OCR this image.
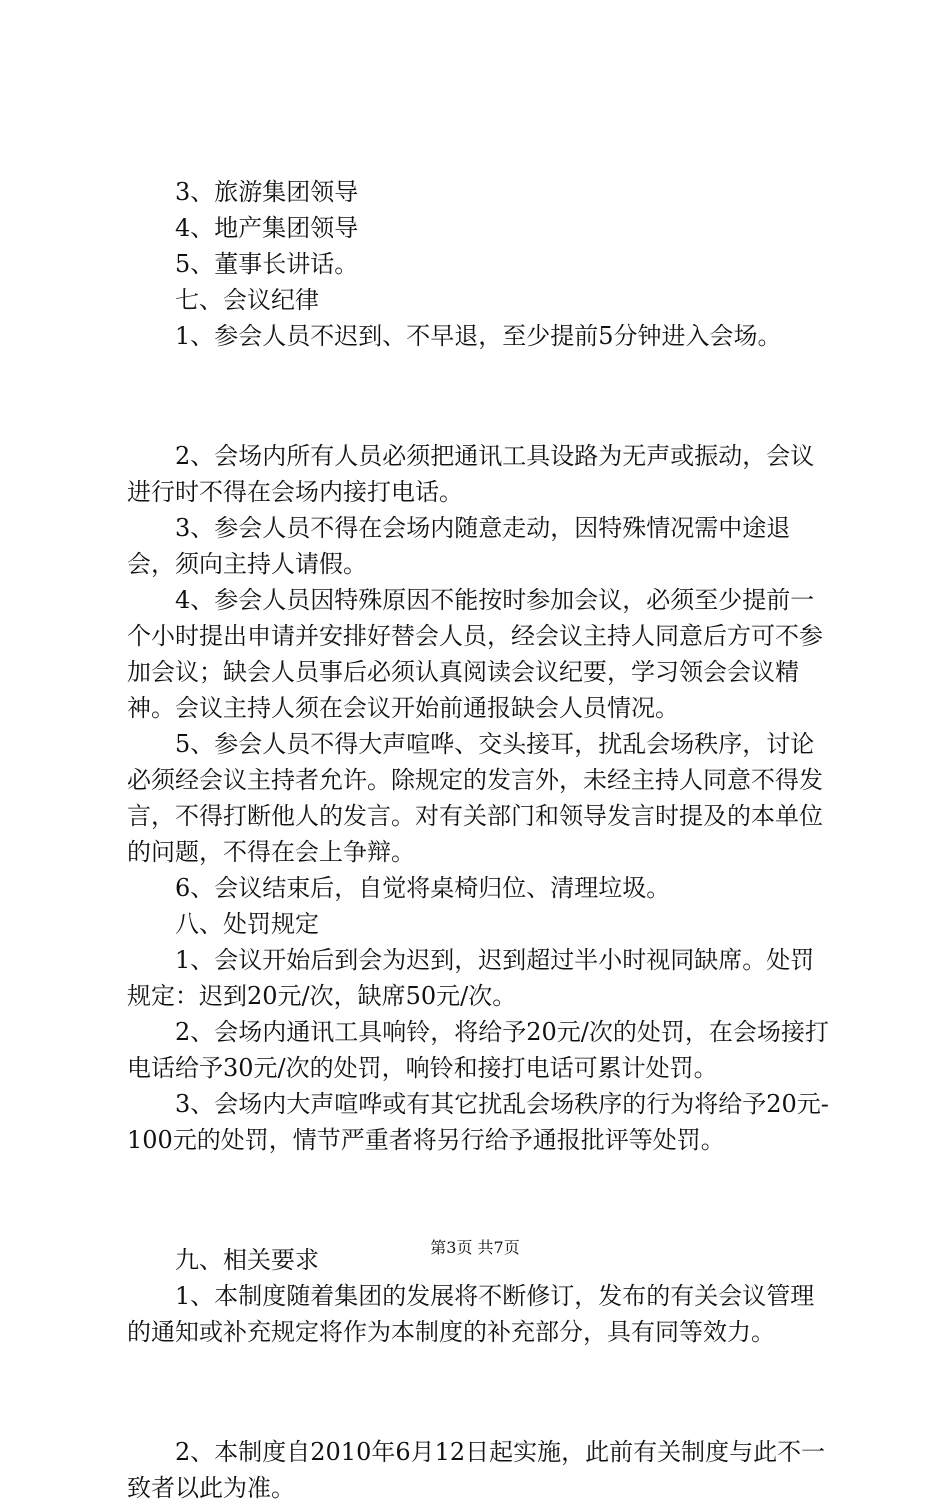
3、旅游集团领导

4、地产集团领导

5、董事长讲话。

七、会议纪律

1、参会人员不迟到、不早退，至少提前5分钟进入会场。

2、会场内所有人员必须把通讯工具设路为无声或振动，会议进行时不得在会场内接打电话。

3、参会人员不得在会场内随意走动，因特殊情况需中途退会，须向主持人请假。

4、参会人员因特殊原因不能按时参加会议，必须至少提前一个小时提出申请并安排好替会人员，经会议主持人同意后方可不参加会议；缺会人员事后必须认真阅读会议纪要，学习领会会议精神。会议主持人须在会议开始前通报缺会人员情况。

5、参会人员不得大声喧哗、交头接耳，扰乱会场秩序，讨论必须经会议主持者允许。除规定的发言外，未经主持人同意不得发言，不得打断他人的发言。对有关部门和领导发言时提及的本单位的问题，不得在会上争辩。

6、会议结束后，自觉将桌椅归位、清理垃圾。

八、处罚规定

1、会议开始后到会为迟到，迟到超过半小时视同缺席。处罚规定：迟到20元/次，缺席50元/次。

2、会场内通讯工具响铃，将给予20元/次的处罚，在会场接打电话给予30元/次的处罚，响铃和接打电话可累计处罚。

3、会场内大声喧哗或有其它扰乱会场秩序的行为将给予20元-100元的处罚，情节严重者将另行给予通报批评等处罚。

九、相关要求

1、本制度随着集团的发展将不断修订，发布的有关会议管理的通知或补充规定将作为本制度的补充部分，具有同等效力。

2、本制度自2010年6月12日起实施，此前有关制度与此不一致者以此为准。

第3页 共7页
